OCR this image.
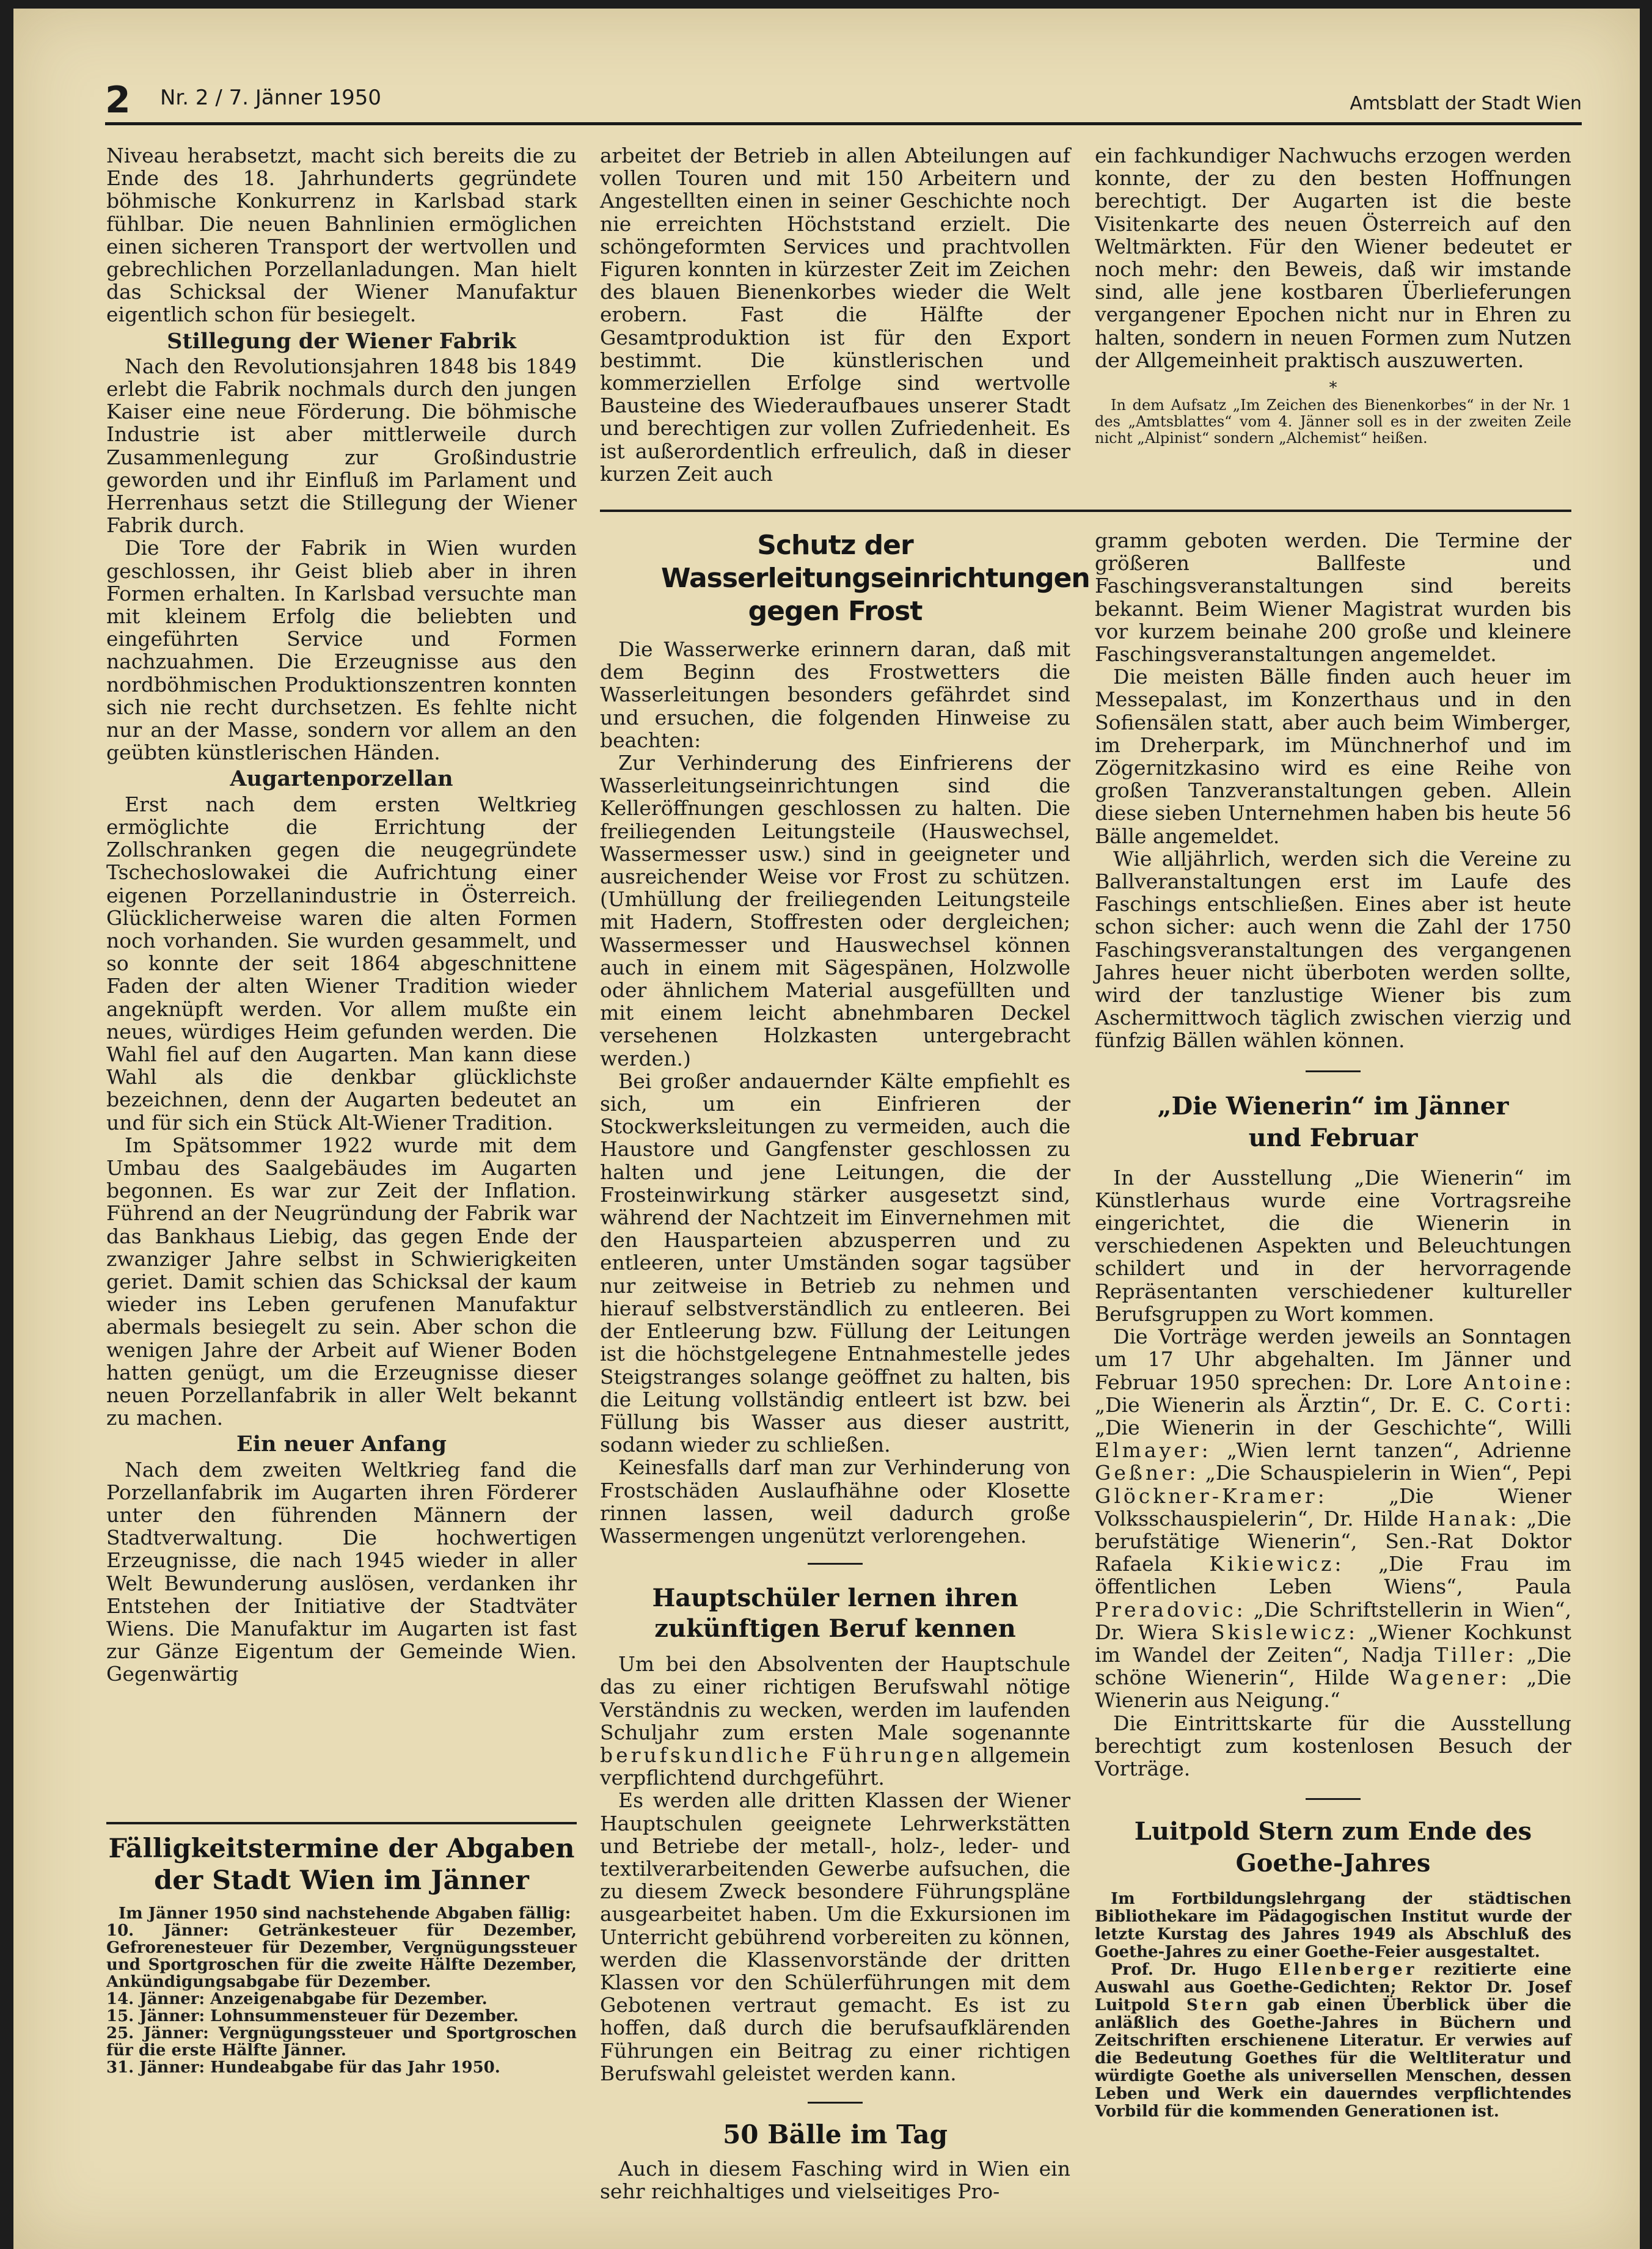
2 Nr. 2 / 7. Jänner 1950	Amtsblatt der Stadt Wien

Niveau herabsetzt, macht sich bereits die zu Ende des 18. Jahrhunderts gegründete böhmische Konkurrenz in Karlsbad stark fühlbar. Die neuen Bahnlinien ermöglichen einen sicheren Transport der wertvollen und gebrechlichen Porzellanladungen. Man hielt das Schicksal der Wiener Manufaktur eigentlich schon für besiegelt.

Stillegung der Wiener Fabrik

Nach den Revolutionsjahren 1848 bis 1849 erlebt die Fabrik nochmals durch den jungen Kaiser eine neue Förderung. Die böhmische Industrie ist aber mittlerweile durch Zusammenlegung zur Großindustrie geworden und ihr Einfluß im Parlament und Herrenhaus setzt die Stillegung der Wiener Fabrik durch.

Die Tore der Fabrik in Wien wurden geschlossen, ihr Geist blieb aber in ihren Formen erhalten. In Karlsbad versuchte man mit kleinem Erfolg die beliebten und eingeführten Service und Formen nachzuahmen. Die Erzeugnisse aus den nordböhmischen Produktionszentren konnten sich nie recht durchsetzen. Es fehlte nicht nur an der Masse, sondern vor allem an den geübten künstlerischen Händen.

Augartenporzellan

Erst nach dem ersten Weltkrieg ermöglichte die Errichtung der Zollschranken gegen die neugegründete Tschechoslowakei die Aufrichtung einer eigenen Porzellanindustrie in Österreich. Glücklicherweise waren die alten Formen noch vorhanden. Sie wurden gesammelt, und so konnte der seit 1864 abgeschnittene Faden der alten Wiener Tradition wieder angeknüpft werden. Vor allem mußte ein neues, würdiges Heim gefunden werden. Die Wahl fiel auf den Augarten. Man kann diese Wahl als die denkbar glücklichste bezeichnen, denn der Augarten bedeutet an und für sich ein Stück Alt-Wiener Tradition.

Im Spätsommer 1922 wurde mit dem Umbau des Saalgebäudes im Augarten begonnen. Es war zur Zeit der Inflation. Führend an der Neugründung der Fabrik war das Bankhaus Liebig, das gegen Ende der zwanziger Jahre selbst in Schwierigkeiten geriet. Damit schien das Schicksal der kaum wieder ins Leben gerufenen Manufaktur abermals besiegelt zu sein. Aber schon die wenigen Jahre der Arbeit auf Wiener Boden hatten genügt, um die Erzeugnisse dieser neuen Porzellanfabrik in aller Welt bekannt zu machen.

Ein neuer Anfang

Nach dem zweiten Weltkrieg fand die Porzellanfabrik im Augarten ihren Förderer unter den führenden Männern der Stadtverwaltung. Die hochwertigen Erzeugnisse, die nach 1945 wieder in aller Welt Bewunderung auslösen, verdanken ihr Entstehen der Initiative der Stadtväter Wiens. Die Manufaktur im Augarten ist fast zur Gänze Eigentum der Gemeinde Wien. Gegenwärtig

Fälligkeitstermine der Abgaben der Stadt Wien im Jänner

Im Jänner 1950 sind nachstehende Abgaben fällig:

10. Jänner: Getränkesteuer für Dezember, Gefrorenesteuer für Dezember, Vergnügungssteuer und Sportgroschen für die zweite Hälfte Dezember, Ankündigungsabgabe für Dezember.

14. Jänner: Anzeigenabgabe für Dezember.

15. Jänner: Lohnsummensteuer für Dezember.

25. Jänner: Vergnügungssteuer und Sportgroschen für die erste Hälfte Jänner.

31. Jänner: Hundeabgabe für das Jahr 1950.

arbeitet der Betrieb in allen Abteilungen auf vollen Touren und mit 150 Arbeitern und Angestellten einen in seiner Geschichte noch nie erreichten Höchststand erzielt. Die schöngeformten Services und prachtvollen Figuren konnten in kürzester Zeit im Zeichen des blauen Bienenkorbes wieder die Welt erobern. Fast die Hälfte der Gesamtproduktion ist für den Export bestimmt. Die künstlerischen und kommerziellen Erfolge sind wertvolle Bausteine des Wiederaufbaues unserer Stadt und berechtigen zur vollen Zufriedenheit. Es ist außerordentlich erfreulich, daß in dieser kurzen Zeit auch

ein fachkundiger Nachwuchs erzogen werden konnte, der zu den besten Hoffnungen berechtigt. Der Augarten ist die beste Visitenkarte des neuen Österreich auf den Weltmärkten. Für den Wiener bedeutet er noch mehr: den Beweis, daß wir imstande sind, alle jene kostbaren Überlieferungen vergangener Epochen nicht nur in Ehren zu halten, sondern in neuen Formen zum Nutzen der Allgemeinheit praktisch auszuwerten.

*

In dem Aufsatz „Im Zeichen des Bienenkorbes“ in der Nr. 1 des „Amtsblattes“ vom 4. Jänner soll es in der zweiten Zeile nicht „Alpinist“ sondern „Alchemist“ heißen.

Schutz der Wasserleitungseinrichtungen gegen Frost

Die Wasserwerke erinnern daran, daß mit dem Beginn des Frostwetters die Wasserleitungen besonders gefährdet sind und ersuchen, die folgenden Hinweise zu beachten:

Zur Verhinderung des Einfrierens der Wasserleitungseinrichtungen sind die Kelleröffnungen geschlossen zu halten. Die freiliegenden Leitungsteile (Hauswechsel, Wassermesser usw.) sind in geeigneter und ausreichender Weise vor Frost zu schützen. (Umhüllung der freiliegenden Leitungsteile mit Hadern, Stoffresten oder dergleichen; Wassermesser und Hauswechsel können auch in einem mit Sägespänen, Holzwolle oder ähnlichem Material ausgefüllten und mit einem leicht abnehmbaren Deckel versehenen Holzkasten untergebracht werden.)

Bei großer andauernder Kälte empfiehlt es sich, um ein Einfrieren der Stockwerksleitungen zu vermeiden, auch die Haustore und Gangfenster geschlossen zu halten und jene Leitungen, die der Frosteinwirkung stärker ausgesetzt sind, während der Nachtzeit im Einvernehmen mit den Hausparteien abzusperren und zu entleeren, unter Umständen sogar tagsüber nur zeitweise in Betrieb zu nehmen und hierauf selbstverständlich zu entleeren. Bei der Entleerung bzw. Füllung der Leitungen ist die höchstgelegene Entnahmestelle jedes Steigstranges solange geöffnet zu halten, bis die Leitung vollständig entleert ist bzw. bei Füllung bis Wasser aus dieser austritt, sodann wieder zu schließen.

Keinesfalls darf man zur Verhinderung von Frostschäden Auslaufhähne oder Klosette rinnen lassen, weil dadurch große Wassermengen ungenützt verlorengehen.

Hauptschüler lernen ihren zukünftigen Beruf kennen

Um bei den Absolventen der Hauptschule das zu einer richtigen Berufswahl nötige Verständnis zu wecken, werden im laufenden Schuljahr zum ersten Male sogenannte berufskundliche Führungen allgemein verpflichtend durchgeführt.

Es werden alle dritten Klassen der Wiener Hauptschulen geeignete Lehrwerkstätten und Betriebe der metall-, holz-, leder- und textilverarbeitenden Gewerbe aufsuchen, die zu diesem Zweck besondere Führungspläne ausgearbeitet haben. Um die Exkursionen im Unterricht gebührend vorbereiten zu können, werden die Klassenvorstände der dritten Klassen vor den Schülerführungen mit dem Gebotenen vertraut gemacht. Es ist zu hoffen, daß durch die berufsaufklärenden Führungen ein Beitrag zu einer richtigen Berufswahl geleistet werden kann.

50 Bälle im Tag

Auch in diesem Fasching wird in Wien ein sehr reichhaltiges und vielseitiges Pro-

gramm geboten werden. Die Termine der größeren Ballfeste und Faschingsveranstaltungen sind bereits bekannt. Beim Wiener Magistrat wurden bis vor kurzem beinahe 200 große und kleinere Faschingsveranstaltungen angemeldet.

Die meisten Bälle finden auch heuer im Messepalast, im Konzerthaus und in den Sofiensälen statt, aber auch beim Wimberger, im Dreherpark, im Münchnerhof und im Zögernitzkasino wird es eine Reihe von großen Tanzveranstaltungen geben. Allein diese sieben Unternehmen haben bis heute 56 Bälle angemeldet.

Wie alljährlich, werden sich die Vereine zu Ballveranstaltungen erst im Laufe des Faschings entschließen. Eines aber ist heute schon sicher: auch wenn die Zahl der 1750 Faschingsveranstaltungen des vergangenen Jahres heuer nicht überboten werden sollte, wird der tanzlustige Wiener bis zum Aschermittwoch täglich zwischen vierzig und fünfzig Bällen wählen können.

„Die Wienerin“ im Jänner und Februar

In der Ausstellung „Die Wienerin“ im Künstlerhaus wurde eine Vortragsreihe eingerichtet, die die Wienerin in verschiedenen Aspekten und Beleuchtungen schildert und in der hervorragende Repräsentanten verschiedener kultureller Berufsgruppen zu Wort kommen.

Die Vorträge werden jeweils an Sonntagen um 17 Uhr abgehalten. Im Jänner und Februar 1950 sprechen: Dr. Lore Antoine: „Die Wienerin als Ärztin“, Dr. E. C. Corti: „Die Wienerin in der Geschichte“, Willi Elmayer: „Wien lernt tanzen“, Adrienne Geßner: „Die Schauspielerin in Wien“, Pepi Glöckner-Kramer: „Die Wiener Volksschauspielerin“, Dr. Hilde Hanak: „Die berufstätige Wienerin“, Sen.-Rat Doktor Rafaela Kikiewicz: „Die Frau im öffentlichen Leben Wiens“, Paula Preradovic: „Die Schriftstellerin in Wien“, Dr. Wiera Skislewicz: „Wiener Kochkunst im Wandel der Zeiten“, Nadja Tiller: „Die schöne Wienerin“, Hilde Wagener: „Die Wienerin aus Neigung.“

Die Eintrittskarte für die Ausstellung berechtigt zum kostenlosen Besuch der Vorträge.

Luitpold Stern zum Ende des Goethe-Jahres

Im Fortbildungslehrgang der städtischen Bibliothekare im Pädagogischen Institut wurde der letzte Kurstag des Jahres 1949 als Abschluß des Goethe-Jahres zu einer Goethe-Feier ausgestaltet.

Prof. Dr. Hugo Ellenberger rezitierte eine Auswahl aus Goethe-Gedichten; Rektor Dr. Josef Luitpold Stern gab einen Überblick über die anläßlich des Goethe-Jahres in Büchern und Zeitschriften erschienene Literatur. Er verwies auf die Bedeutung Goethes für die Weltliteratur und würdigte Goethe als universellen Menschen, dessen Leben und Werk ein dauerndes verpflichtendes Vorbild für die kommenden Generationen ist.
